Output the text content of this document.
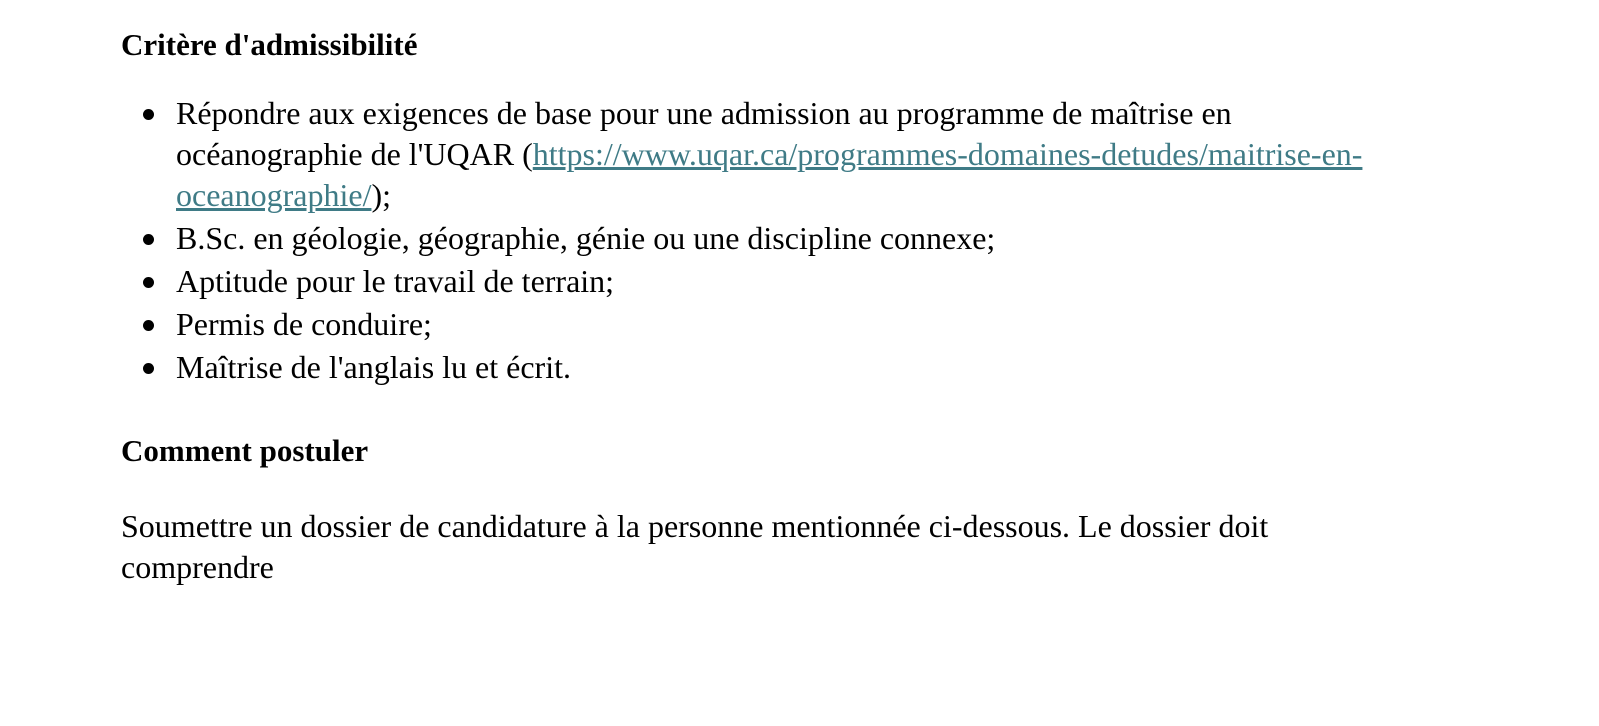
Critère d'admissibilité
Répondre aux exigences de base pour une admission au programme de maîtrise en océanographie de l'UQAR (https://www.uqar.ca/programmes-domaines-detudes/maitrise-en-oceanographie/);
B.Sc. en géologie, géographie, génie ou une discipline connexe;
Aptitude pour le travail de terrain;
Permis de conduire;
Maîtrise de l'anglais lu et écrit.
Comment postuler

Soumettre un dossier de candidature à la personne mentionnée ci-dessous. Le dossier doit comprendre
